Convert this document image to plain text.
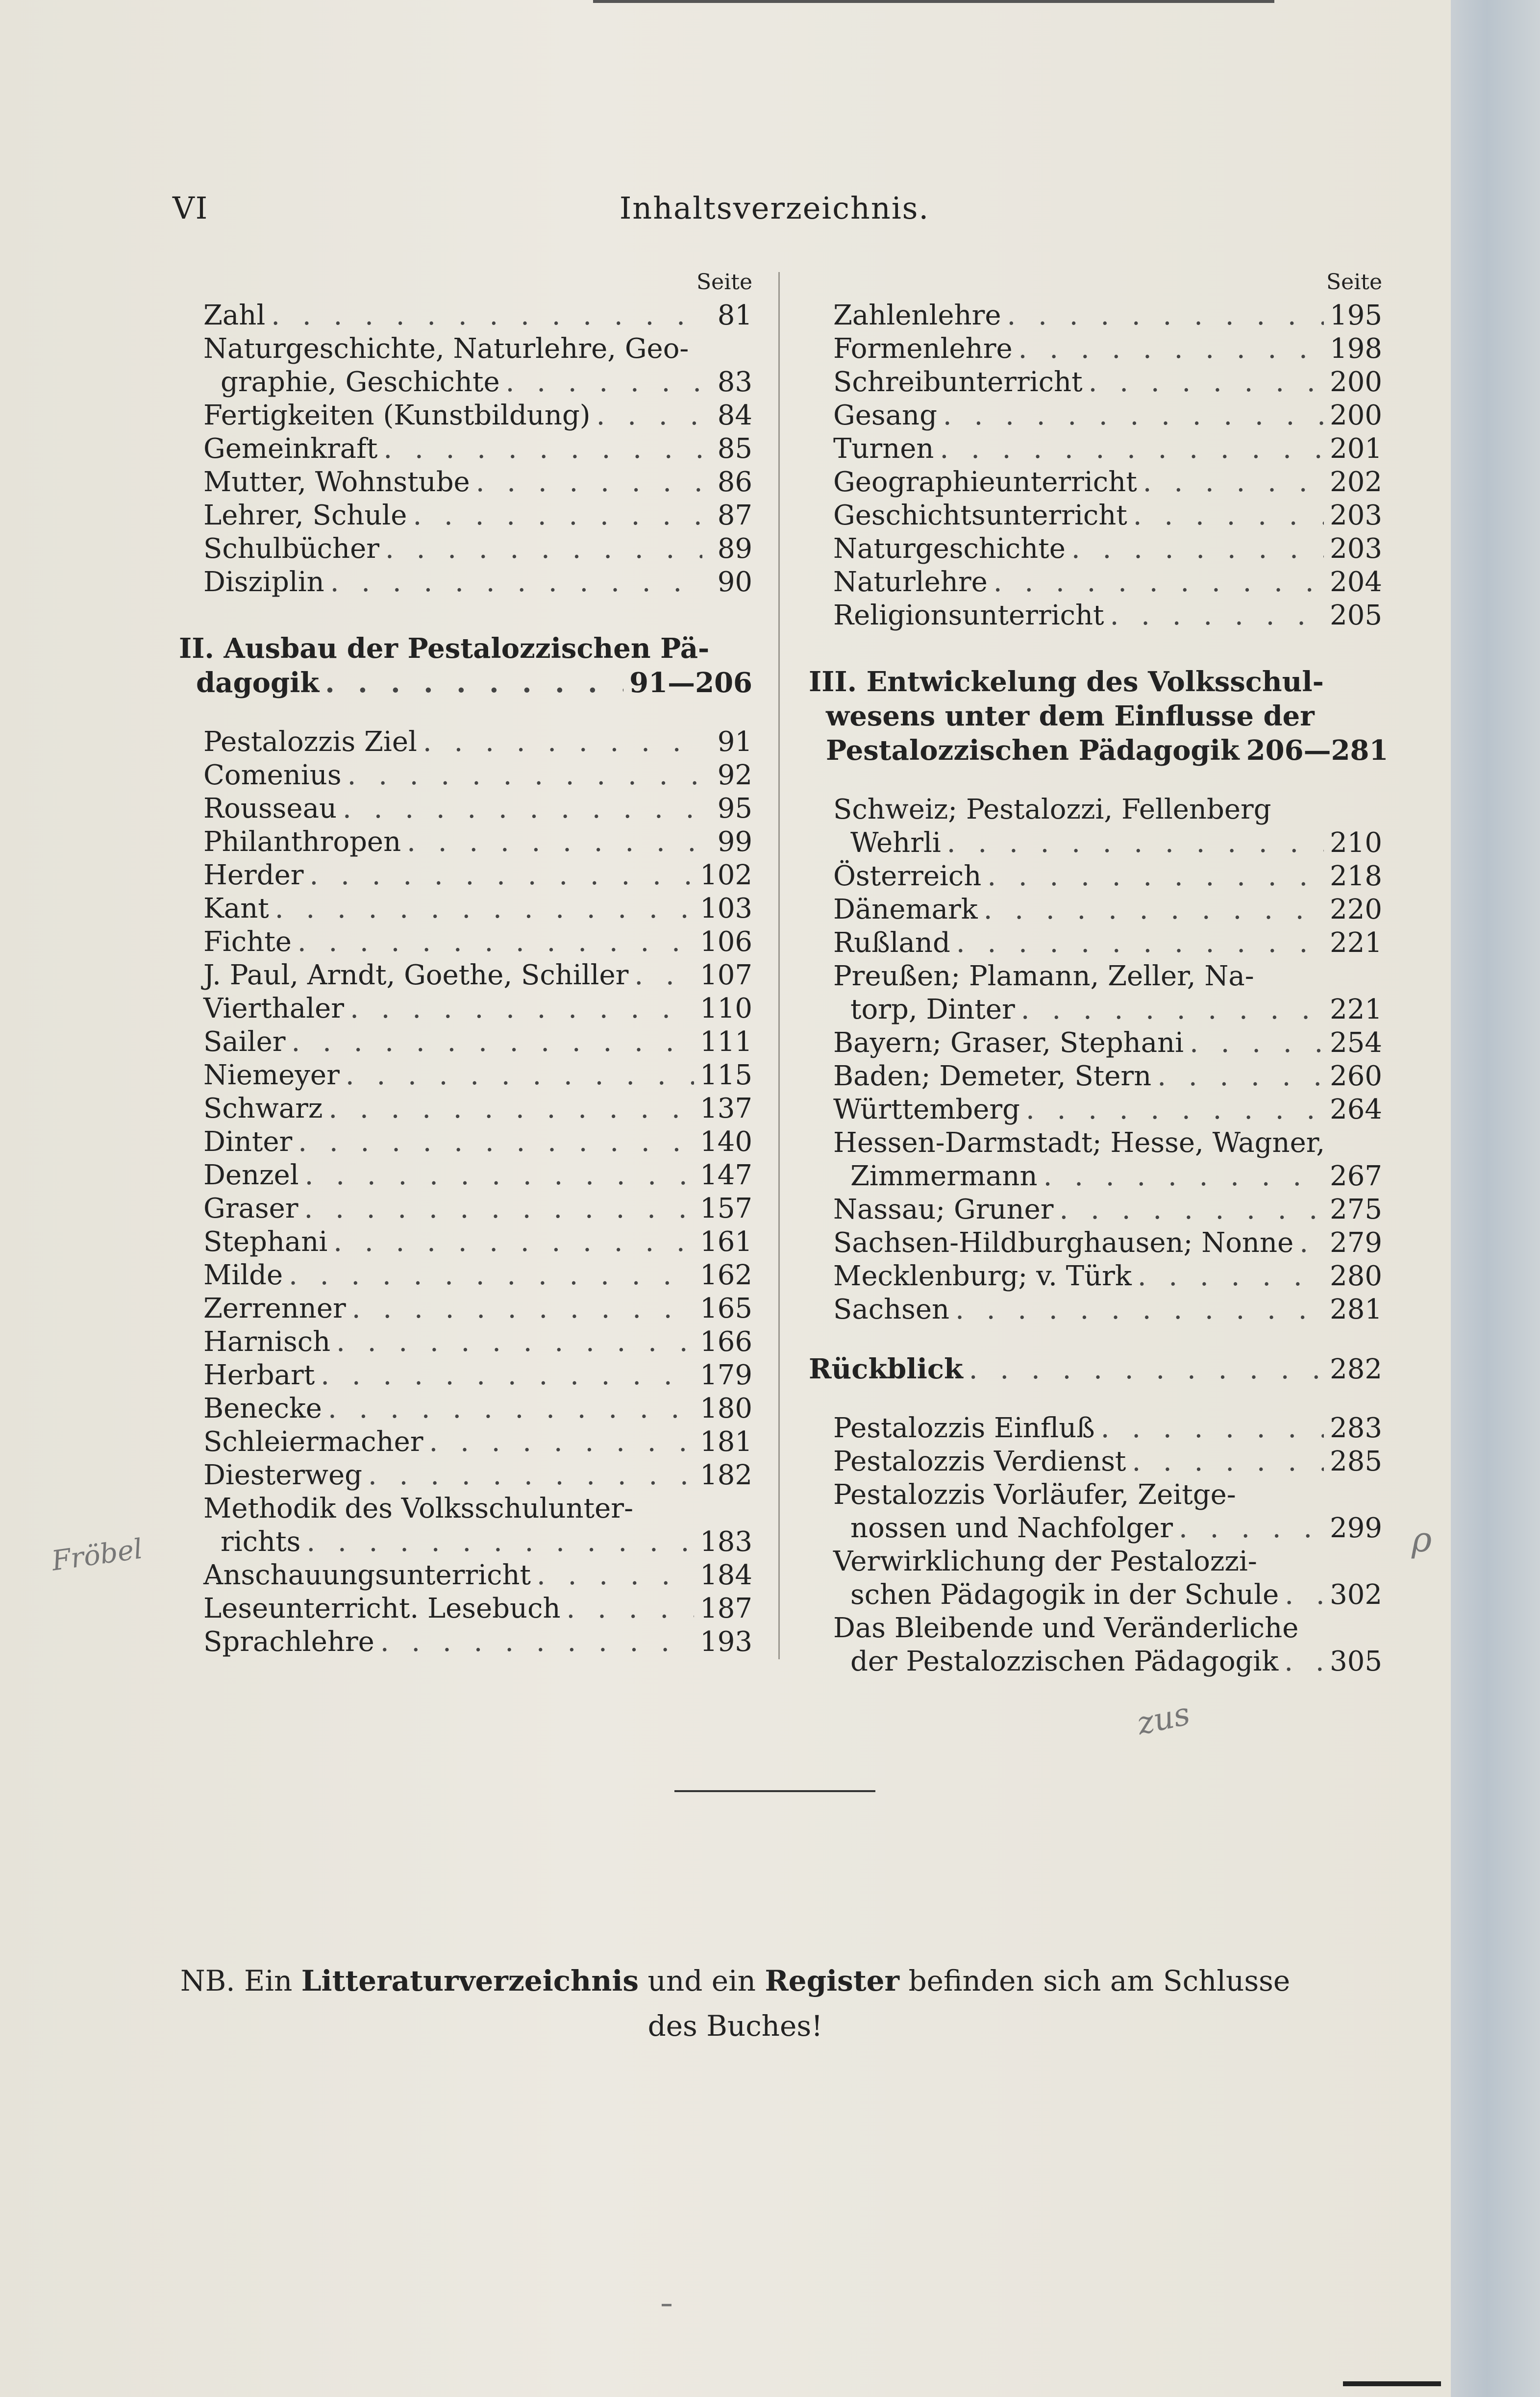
VI	Inhaltsverzeichnis.
Seite
Zahl . . .	81
Naturgeschichte, Naturlehre, Geo-
graphie, Geschichte . . .	83
Fertigkeiten (Kunstbildung) . . .	84
Gemeinkraft . . .	85
Mutter, Wohnstube . . .	86
Lehrer, Schule . . .	87
Schulbücher . . .	89
Disziplin . . .	90
II. Ausbau der Pestalozzischen Pä-
dagogik . . .	91—206
Pestalozzis Ziel . . .	91
Comenius . . .	92
Rousseau . . .	95
Philanthropen . . .	99
Herder . . .	102
Kant . . .	103
Fichte . . .	106
J. Paul, Arndt, Goethe, Schiller . . .	107
Vierthaler . . .	110
Sailer . . .	111
Niemeyer . . .	115
Schwarz . . .	137
Dinter . . .	140
Denzel . . .	147
Graser . . .	157
Stephani . . .	161
Milde . . .	162
Zerrenner . . .	165
Harnisch . . .	166
Herbart . . .	179
Benecke . . .	180
Schleiermacher . . .	181
Diesterweg . . .	182
Methodik des Volksschulunter-
richts . . .	183
Anschauungsunterricht . . .	184
Leseunterricht. Lesebuch . . .	187
Sprachlehre . . .	193
Seite
Zahlenlehre . . .	195
Formenlehre . . .	198
Schreibunterricht . . .	200
Gesang . . .	200
Turnen . . .	201
Geographieunterricht . . .	202
Geschichtsunterricht . . .	203
Naturgeschichte . . .	203
Naturlehre . . .	204
Religionsunterricht . . .	205
III. Entwickelung des Volksschul-
wesens unter dem Einflusse der
Pestalozzischen Pädagogik 206—281
Schweiz; Pestalozzi, Fellenberg
Wehrli . . .	210
Österreich . . .	218
Dänemark . . .	220
Rußland . . .	221
Preußen; Plamann, Zeller, Na-
torp, Dinter . . .	221
Bayern; Graser, Stephani . . .	254
Baden; Demeter, Stern . . .	260
Württemberg . . .	264
Hessen-Darmstadt; Hesse, Wagner,
Zimmermann . . .	267
Nassau; Gruner . . .	275
Sachsen-Hildburghausen; Nonne . . . 279
Mecklenburg; v. Türk . . .	280
Sachsen . . .	281
Rückblick . . .	282
Pestalozzis Einfluß . . .	283
Pestalozzis Verdienst . . .	285
Pestalozzis Vorläufer, Zeitge-
nossen und Nachfolger . . .	299
Verwirklichung der Pestalozzi-
schen Pädagogik in der Schule . . . 302
Das Bleibende und Veränderliche
der Pestalozzischen Pädagogik . . . 305
NB. Ein Litteraturverzeichnis und ein Register befinden sich am Schlusse
des Buches!
Fröbel
zus
ρ
